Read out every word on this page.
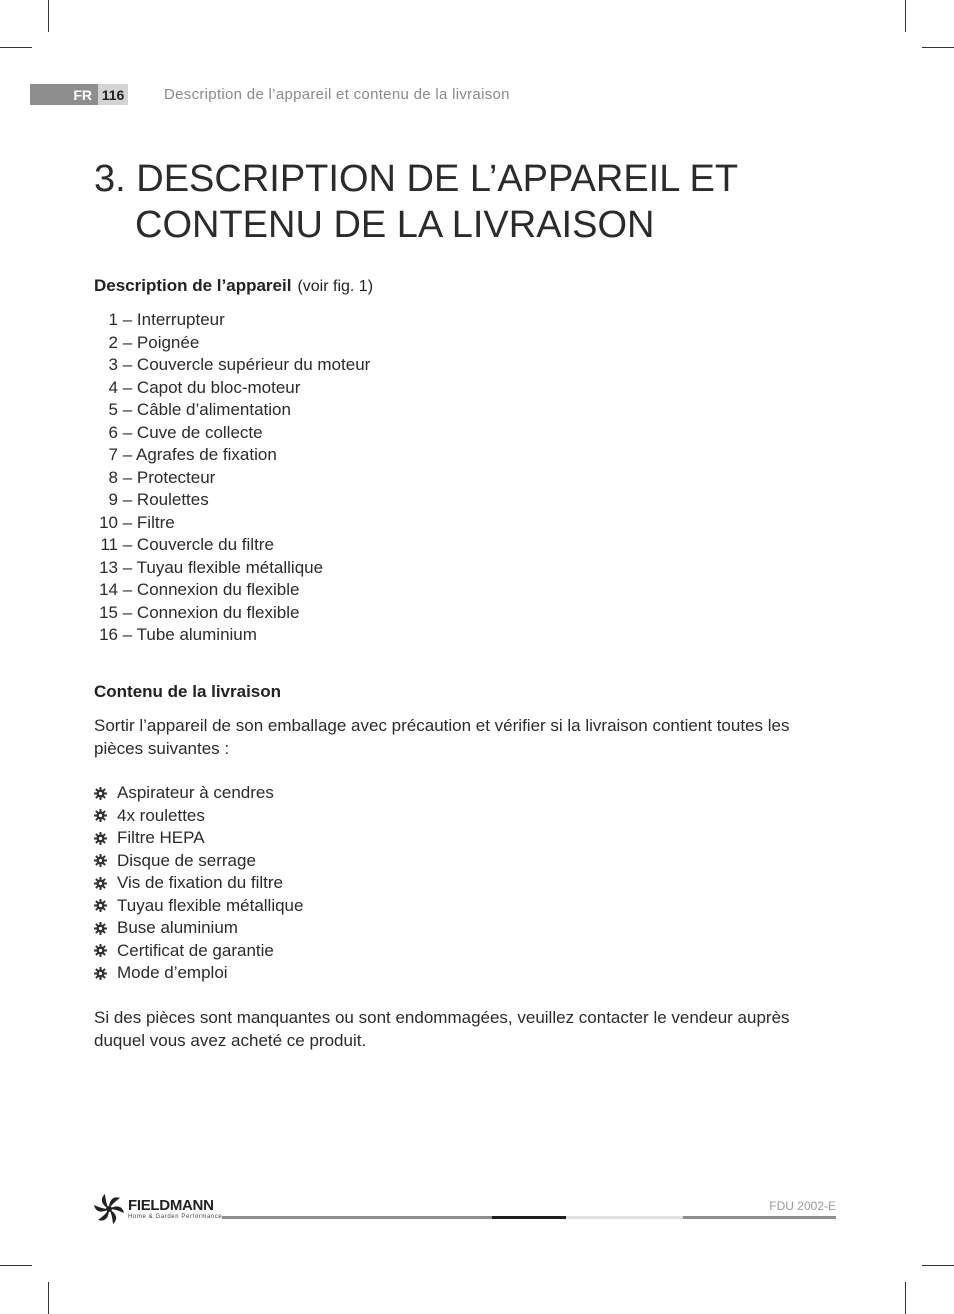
FR 116	Description de l’appareil et contenu de la livraison
3. DESCRIPTION DE L’APPAREIL ET
CONTENU DE LA LIVRAISON
Description de l’appareil (voir fig. 1)
1 – Interrupteur
2 – Poignée
3 – Couvercle supérieur du moteur
4 – Capot du bloc-moteur
5 – Câble d’alimentation
6 – Cuve de collecte
7 – Agrafes de fixation
8 – Protecteur
9 – Roulettes
10 – Filtre
11 – Couvercle du filtre
13 – Tuyau flexible métallique
14 – Connexion du flexible
15 – Connexion du flexible
16 – Tube aluminium
Contenu de la livraison

Sortir l’appareil de son emballage avec précaution et vérifier si la livraison contient toutes les pièces suivantes :

Aspirateur à cendres
4x roulettes
Filtre HEPA
Disque de serrage
Vis de fixation du filtre
Tuyau flexible métallique
Buse aluminium
Certificat de garantie
Mode d’emploi

Si des pièces sont manquantes ou sont endommagées, veuillez contacter le vendeur auprès duquel vous avez acheté ce produit.

FIELDMANN
Home & Garden Performance
FDU 2002-E
